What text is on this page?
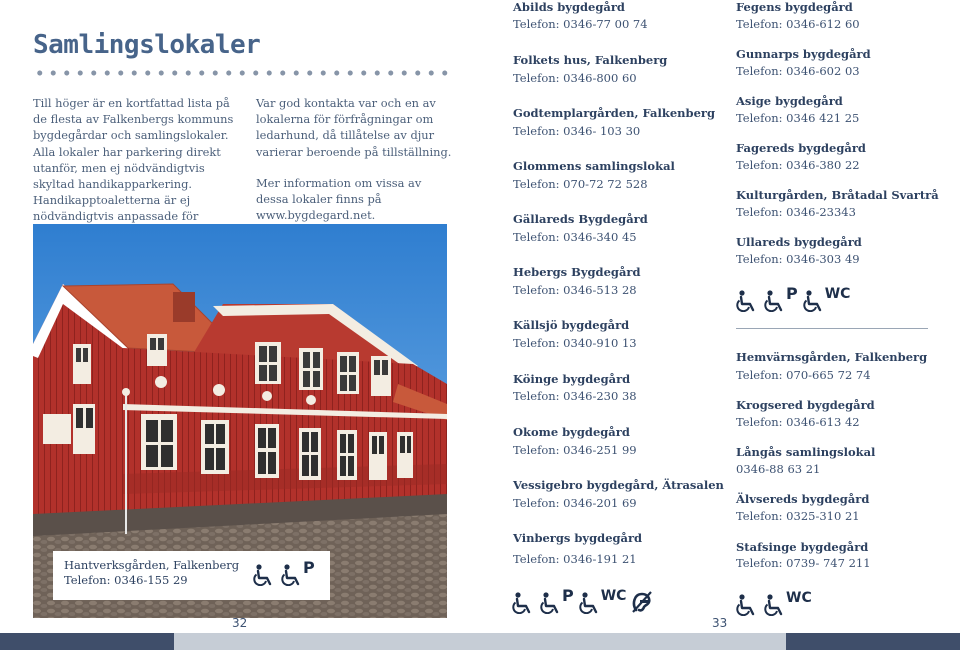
Samlingslokaler

Till höger är en kortfattad lista på de flesta av Falkenbergs kommuns bygdegårdar och samlingslokaler. Alla lokaler har parkering direkt utanför, men ej nödvändigtvis skyltad handikapparkering. Handikapptoaletterna är ej nödvändigtvis anpassade för

Var god kontakta var och en av lokalerna för förfrågningar om ledarhund, då tillåtelse av djur varierar beroende på tillställning.

Mer information om vissa av dessa lokaler finns på www.bygdegard.net.

Hantverksgården, Falkenberg
Telefon: 0346-155 29
P
32
Abilds bygdegård
Telefon: 0346-77 00 74
Folkets hus, Falkenberg
Telefon: 0346-800 60
Godtemplargården, Falkenberg
Telefon: 0346- 103 30
Glommens samlingslokal
Telefon: 070-72 72 528
Gällareds Bygdegård
Telefon: 0346-340 45
Hebergs Bygdegård
Telefon: 0346-513 28
Källsjö bygdegård
Telefon: 0340-910 13
Köinge bygdegård
Telefon: 0346-230 38
Okome bygdegård
Telefon: 0346-251 99
Vessigebro bygdegård, Ätrasalen
Telefon: 0346-201 69
Vinbergs bygdegård
Telefon: 0346-191 21
P WC
Fegens bygdegård
Telefon: 0346-612 60
Gunnarps bygdegård
Telefon: 0346-602 03
Asige bygdegård
Telefon: 0346 421 25
Fagereds bygdegård
Telefon: 0346-380 22
Kulturgården, Bråtadal Svartrå
Telefon: 0346-23343
Ullareds bygdegård
Telefon: 0346-303 49
P WC
Hemvärnsgården, Falkenberg
Telefon: 070-665 72 74
Krogsered bygdegård
Telefon: 0346-613 42
Långås samlingslokal
0346-88 63 21
Älvsereds bygdegård
Telefon: 0325-310 21
Stafsinge bygdegård
Telefon: 0739- 747 211
WC
33
